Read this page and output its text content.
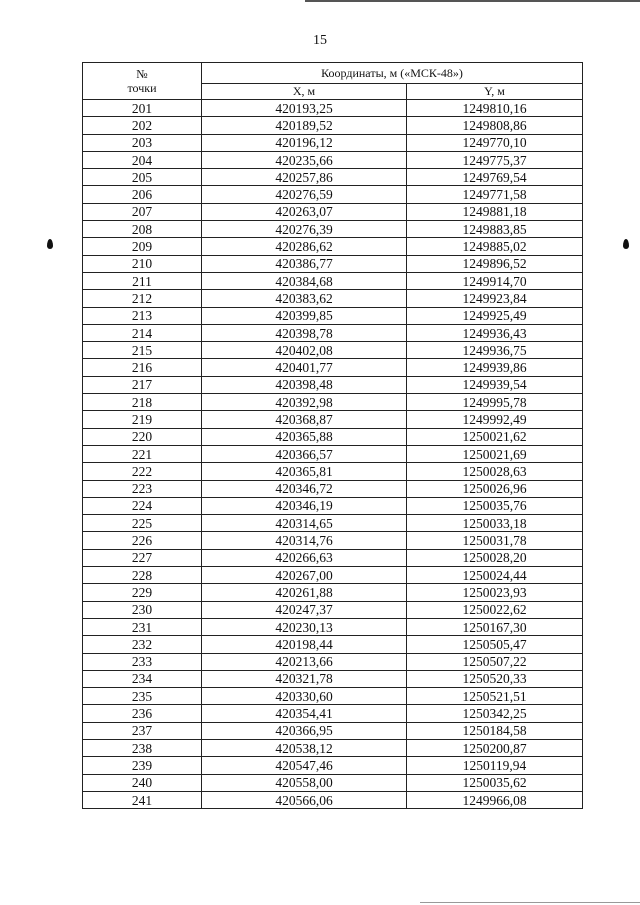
15
№
точки	Координаты, м («МСК-48»)	
	X, м	Y, м
201	420193,25	1249810,16
202	420189,52	1249808,86
203	420196,12	1249770,10
204	420235,66	1249775,37
205	420257,86	1249769,54
206	420276,59	1249771,58
207	420263,07	1249881,18
208	420276,39	1249883,85
209	420286,62	1249885,02
210	420386,77	1249896,52
211	420384,68	1249914,70
212	420383,62	1249923,84
213	420399,85	1249925,49
214	420398,78	1249936,43
215	420402,08	1249936,75
216	420401,77	1249939,86
217	420398,48	1249939,54
218	420392,98	1249995,78
219	420368,87	1249992,49
220	420365,88	1250021,62
221	420366,57	1250021,69
222	420365,81	1250028,63
223	420346,72	1250026,96
224	420346,19	1250035,76
225	420314,65	1250033,18
226	420314,76	1250031,78
227	420266,63	1250028,20
228	420267,00	1250024,44
229	420261,88	1250023,93
230	420247,37	1250022,62
231	420230,13	1250167,30
232	420198,44	1250505,47
233	420213,66	1250507,22
234	420321,78	1250520,33
235	420330,60	1250521,51
236	420354,41	1250342,25
237	420366,95	1250184,58
238	420538,12	1250200,87
239	420547,46	1250119,94
240	420558,00	1250035,62
241	420566,06	1249966,08
